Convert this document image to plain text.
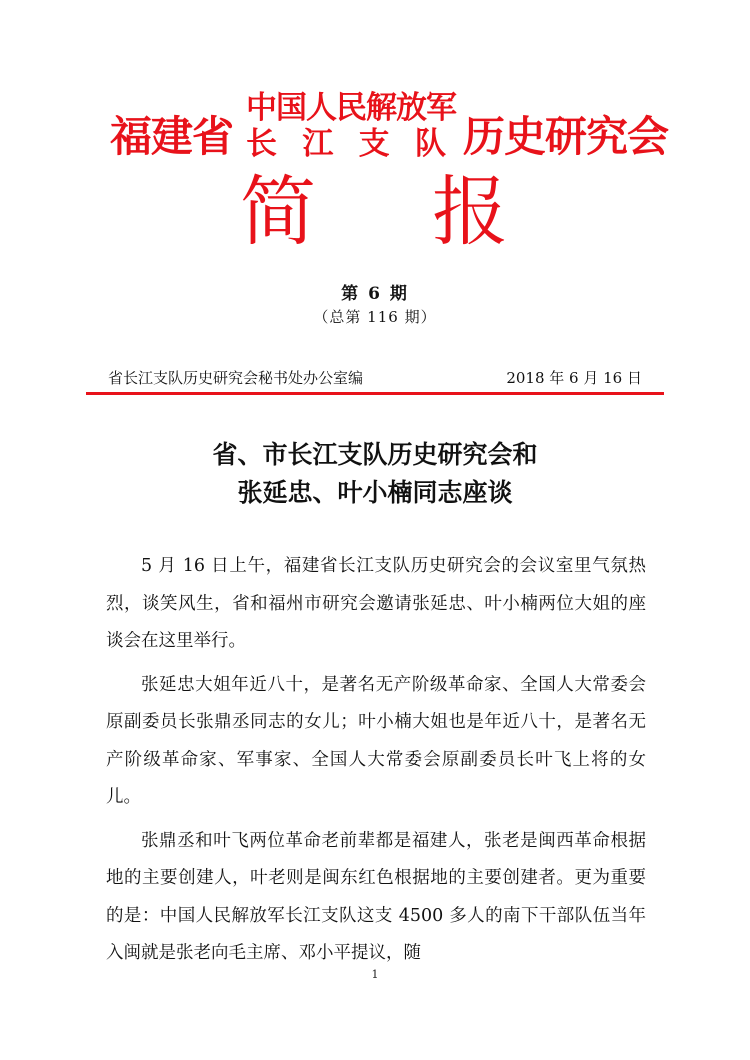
福建省
中国人民解放军
长 江 支 队 历史研究会
简 报
第 6 期
（总第 116 期）
省长江支队历史研究会秘书处办公室编	2018 年 6 月 16 日
省、市长江支队历史研究会和
张延忠、叶小楠同志座谈

5 月 16 日上午，福建省长江支队历史研究会的会议室里气氛热烈，谈笑风生，省和福州市研究会邀请张延忠、叶小楠两位大姐的座谈会在这里举行。

张延忠大姐年近八十，是著名无产阶级革命家、全国人大常委会原副委员长张鼎丞同志的女儿；叶小楠大姐也是年近八十，是著名无产阶级革命家、军事家、全国人大常委会原副委员长叶飞上将的女儿。

张鼎丞和叶飞两位革命老前辈都是福建人，张老是闽西革命根据地的主要创建人，叶老则是闽东红色根据地的主要创建者。更为重要的是：中国人民解放军长江支队这支 4500 多人的南下干部队伍当年入闽就是张老向毛主席、邓小平提议，随

1
